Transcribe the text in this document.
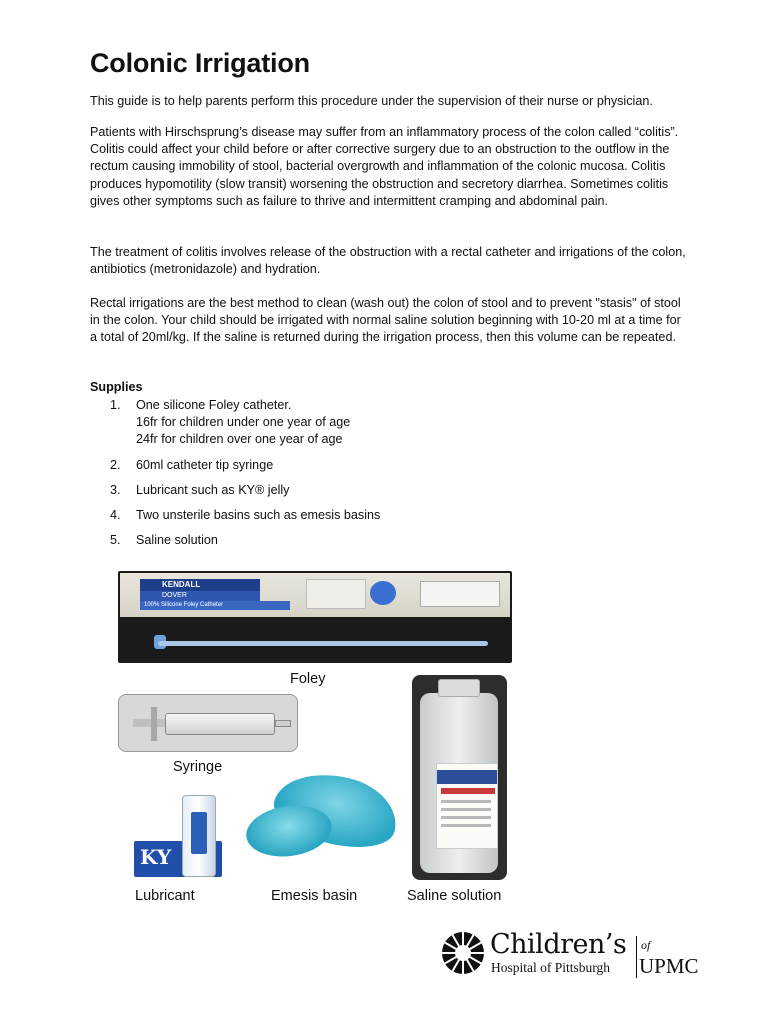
Colonic Irrigation

This guide is to help parents perform this procedure under the supervision of their nurse or physician.

Patients with Hirschsprung’s disease may suffer from an inflammatory process of the colon called “colitis”. Colitis could affect your child before or after corrective surgery due to an obstruction to the outflow in the rectum causing immobility of stool, bacterial overgrowth and inflammation of the colonic mucosa. Colitis produces hypomotility (slow transit) worsening the obstruction and secretory diarrhea. Sometimes colitis gives other symptoms such as failure to thrive and intermittent cramping and abdominal pain.

The treatment of colitis involves release of the obstruction with a rectal catheter and irrigations of the colon, antibiotics (metronidazole) and hydration.

Rectal irrigations are the best method to clean (wash out) the colon of stool and to prevent "stasis" of stool in the colon. Your child should be irrigated with normal saline solution beginning with 10-20 ml at a time for a total of 20ml/kg. If the saline is returned during the irrigation process, then this volume can be repeated.

Supplies
1.	One silicone Foley catheter.
16fr for children under one year of age
24fr for children over one year of age
2.	60ml catheter tip syringe
3.	Lubricant such as KY® jelly
4.	Two unsterile basins such as emesis basins
5.	Saline solution
KENDALL
DOVER
100% Silicone Foley Catheter
Foley
Syringe
KY
Lubricant	Emesis basin	Saline solution
Children’s
Hospital of Pittsburgh
of
UPMC
